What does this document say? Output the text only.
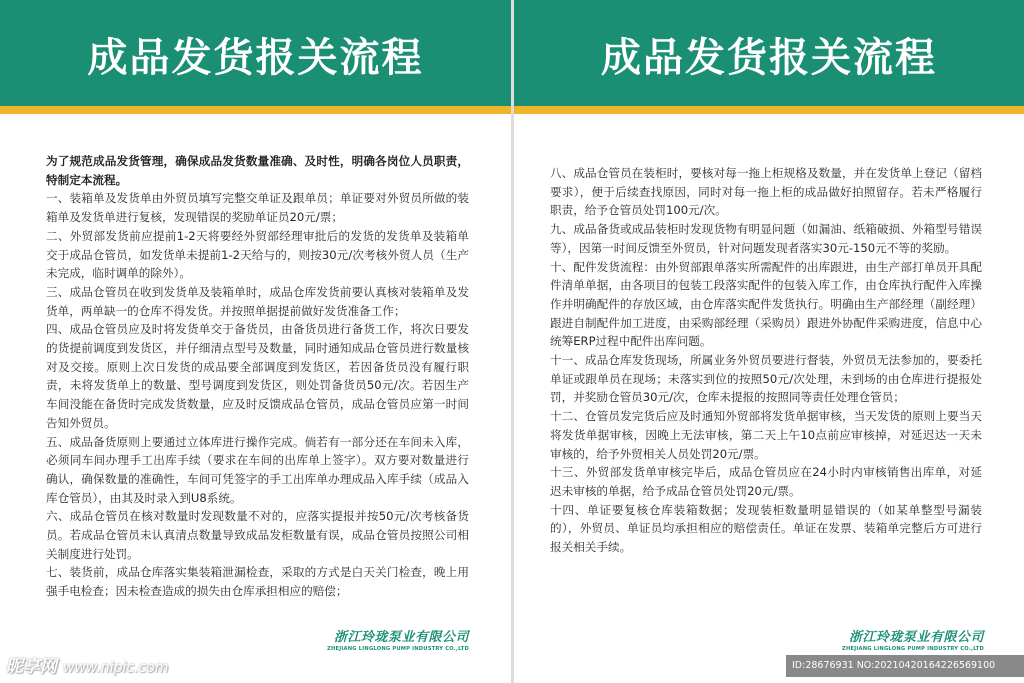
成品发货报关流程

为了规范成品发货管理，确保成品发货数量准确、及时性，明确各岗位人员职责，特制定本流程。

一、装箱单及发货单由外贸员填写完整交单证及跟单员；单证要对外贸员所做的装箱单及发货单进行复核，发现错误的奖励单证员20元/票；

二、外贸部发货前应提前1-2天将要经外贸部经理审批后的发货的发货单及装箱单交于成品仓管员，如发货单未提前1-2天给与的，则按30元/次考核外贸人员（生产未完成，临时调单的除外）。

三、成品仓管员在收到发货单及装箱单时，成品仓库发货前要认真核对装箱单及发货单，两单缺一的仓库不得发货。并按照单据提前做好发货准备工作；

四、成品仓管员应及时将发货单交于备货员，由备货员进行备货工作，将次日要发的货提前调度到发货区，并仔细清点型号及数量，同时通知成品仓管员进行数量核对及交接。原则上次日发货的成品要全部调度到发货区，若因备货员没有履行职责，未将发货单上的数量、型号调度到发货区，则处罚备货员50元/次。若因生产车间没能在备货时完成发货数量，应及时反馈成品仓管员，成品仓管员应第一时间告知外贸员。

五、成品备货原则上要通过立体库进行操作完成。倘若有一部分还在车间未入库，必须同车间办理手工出库手续（要求在车间的出库单上签字）。双方要对数量进行确认，确保数量的准确性，车间可凭签字的手工出库单办理成品入库手续（成品入库仓管员），由其及时录入到U8系统。

六、成品仓管员在核对数量时发现数量不对的，应落实提报并按50元/次考核备货员。若成品仓管员未认真清点数量导致成品发柜数量有误，成品仓管员按照公司相关制度进行处罚。

七、装货前，成品仓库落实集装箱泄漏检查，采取的方式是白天关门检查，晚上用强手电检查；因未检查造成的损失由仓库承担相应的赔偿；

浙江玲珑泵业有限公司
ZHEJIANG LINGLONG PUMP INDUSTRY CO.,LTD
成品发货报关流程

八、成品仓管员在装柜时，要核对每一拖上柜规格及数量，并在发货单上登记（留档要求），便于后续查找原因，同时对每一拖上柜的成品做好拍照留存。若未严格履行职责，给予仓管员处罚100元/次。

九、成品备货或成品装柜时发现货物有明显问题（如漏油、纸箱破损、外箱型号错误等），因第一时间反馈至外贸员，针对问题发现者落实30元-150元不等的奖励。

十、配件发货流程：由外贸部跟单落实所需配件的出库跟进，由生产部打单员开具配件清单单据，由各项目的包装工段落实配件的包装入库工作，由仓库执行配件入库操作并明确配件的存放区域，由仓库落实配件发货执行。明确由生产部经理（副经理）跟进自制配件加工进度，由采购部经理（采购员）跟进外协配件采购进度，信息中心统筹ERP过程中配件出库问题。

十一、成品仓库发货现场，所属业务外贸员要进行督装，外贸员无法参加的，要委托单证或跟单员在现场；未落实到位的按照50元/次处理，未到场的由仓库进行提报处罚，并奖励仓管员30元/次，仓库未提报的按照同等责任处理仓管员；

十二、仓管员发完货后应及时通知外贸部将发货单据审核，当天发货的原则上要当天将发货单据审核，因晚上无法审核，第二天上午10点前应审核掉，对延迟达一天未审核的，给予外贸相关人员处罚20元/票。

十三、外贸部发货单审核完毕后，成品仓管员应在24小时内审核销售出库单，对延迟未审核的单据，给予成品仓管员处罚20元/票。

十四、单证要复核仓库装箱数据；发现装柜数量明显错误的（如某单整型号漏装的），外贸员、单证员均承担相应的赔偿责任。单证在发票、装箱单完整后方可进行报关相关手续。

浙江玲珑泵业有限公司
ZHEJIANG LINGLONG PUMP INDUSTRY CO.,LTD
昵享网 www.nipic.com	ID:28676931 NO:20210420164226569100
